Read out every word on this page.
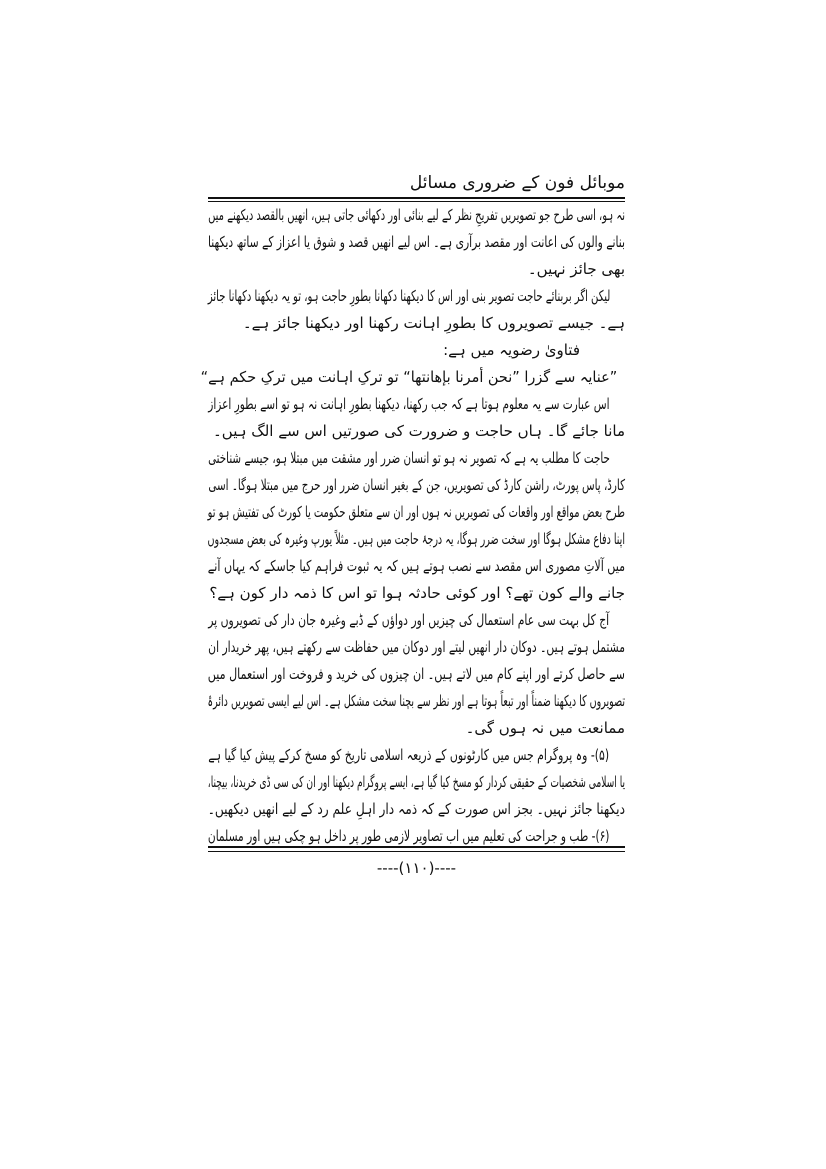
موبائل فون کے ضروری مسائل
نہ ہو، اسی طرح جو تصویریں تفریحِ نظر کے لیے بنائی اور دکھائی جاتی ہیں، انھیں بالقصد دیکھنے میں
بنانے والوں کی اعانت اور مقصد برآری ہے۔ اس لیے انھیں قصد و شوق یا اعزاز کے ساتھ دیکھنا
بھی جائز نہیں۔
لیکن اگر بربنائے حاجت تصویر بنی اور اس کا دیکھنا دکھانا بطورِ حاجت ہو، تو یہ دیکھنا دکھانا جائز
ہے۔ جیسے تصویروں کا بطورِ اہانت رکھنا اور دیکھنا جائز ہے۔
فتاویٰ رضویہ میں ہے:
”عنایہ سے گزرا ”نحن أمرنا بإهانتها“ تو ترکِ اہانت میں ترکِ حکم ہے“
اس عبارت سے یہ معلوم ہوتا ہے کہ جب رکھنا، دیکھنا بطورِ اہانت نہ ہو تو اسے بطورِ اعزاز
مانا جائے گا۔ ہاں حاجت و ضرورت کی صورتیں اس سے الگ ہیں۔
حاجت کا مطلب یہ ہے کہ تصویر نہ ہو تو انسان ضرر اور مشقت میں مبتلا ہو، جیسے شناختی
کارڈ، پاس پورٹ، راشن کارڈ کی تصویریں، جن کے بغیر انسان ضرر اور حرج میں مبتلا ہوگا۔ اسی
طرح بعض مواقع اور واقعات کی تصویریں نہ ہوں اور ان سے متعلق حکومت یا کورٹ کی تفتیش ہو تو
اپنا دفاع مشکل ہوگا اور سخت ضرر ہوگا، یہ درجۂ حاجت میں ہیں۔ مثلاً یورپ وغیرہ کی بعض مسجدوں
میں آلاتِ مصوری اس مقصد سے نصب ہوتے ہیں کہ یہ ثبوت فراہم کیا جاسکے کہ یہاں آنے
جانے والے کون تھے؟ اور کوئی حادثہ ہوا تو اس کا ذمہ دار کون ہے؟
آج کل بہت سی عام استعمال کی چیزیں اور دواؤں کے ڈبے وغیرہ جان دار کی تصویروں پر
مشتمل ہوتے ہیں۔ دوکان دار انھیں لیتے اور دوکان میں حفاظت سے رکھتے ہیں، پھر خریدار ان
سے حاصل کرتے اور اپنے کام میں لاتے ہیں۔ ان چیزوں کی خرید و فروخت اور استعمال میں
تصویروں کا دیکھنا ضمناً اور تبعاً ہوتا ہے اور نظر سے بچنا سخت مشکل ہے۔ اس لیے ایسی تصویریں دائرۂ
ممانعت میں نہ ہوں گی۔
(۵)- وہ پروگرام جس میں کارٹونوں کے ذریعہ اسلامی تاریخ کو مسخ کرکے پیش کیا گیا ہے
یا اسلامی شخصیات کے حقیقی کردار کو مسخ کیا گیا ہے، ایسے پروگرام دیکھنا اور ان کی سی ڈی خریدنا، بیچنا،
دیکھنا جائز نہیں۔ بجز اس صورت کے کہ ذمہ دار اہلِ علم رد کے لیے انھیں دیکھیں۔
(۶)- طب و جراحت کی تعلیم میں اب تصاویر لازمی طور پر داخل ہو چکی ہیں اور مسلمان
----(۱۱۰)----
